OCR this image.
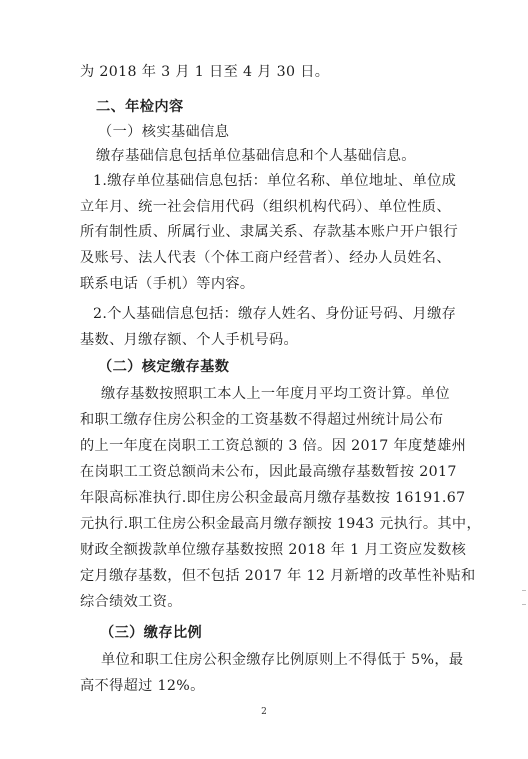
为 2018 年 3 月 1 日至 4 月 30 日。
二、年检内容
（一）核实基础信息
缴存基础信息包括单位基础信息和个人基础信息。
1.缴存单位基础信息包括：单位名称、单位地址、单位成
立年月、统一社会信用代码（组织机构代码）、单位性质、
所有制性质、所属行业、隶属关系、存款基本账户开户银行
及账号、法人代表（个体工商户经营者）、经办人员姓名、
联系电话（手机）等内容。
2.个人基础信息包括：缴存人姓名、身份证号码、月缴存
基数、月缴存额、个人手机号码。
（二）核定缴存基数
缴存基数按照职工本人上一年度月平均工资计算。单位
和职工缴存住房公积金的工资基数不得超过州统计局公布
的上一年度在岗职工工资总额的 3 倍。因 2017 年度楚雄州
在岗职工工资总额尚未公布，因此最高缴存基数暂按 2017
年限高标准执行.即住房公积金最高月缴存基数按 16191.67
元执行.职工住房公积金最高月缴存额按 1943 元执行。其中，
财政全额拨款单位缴存基数按照 2018 年 1 月工资应发数核
定月缴存基数，但不包括 2017 年 12 月新增的改革性补贴和
综合绩效工资。
（三）缴存比例
单位和职工住房公积金缴存比例原则上不得低于 5%，最
高不得超过 12%。
2
